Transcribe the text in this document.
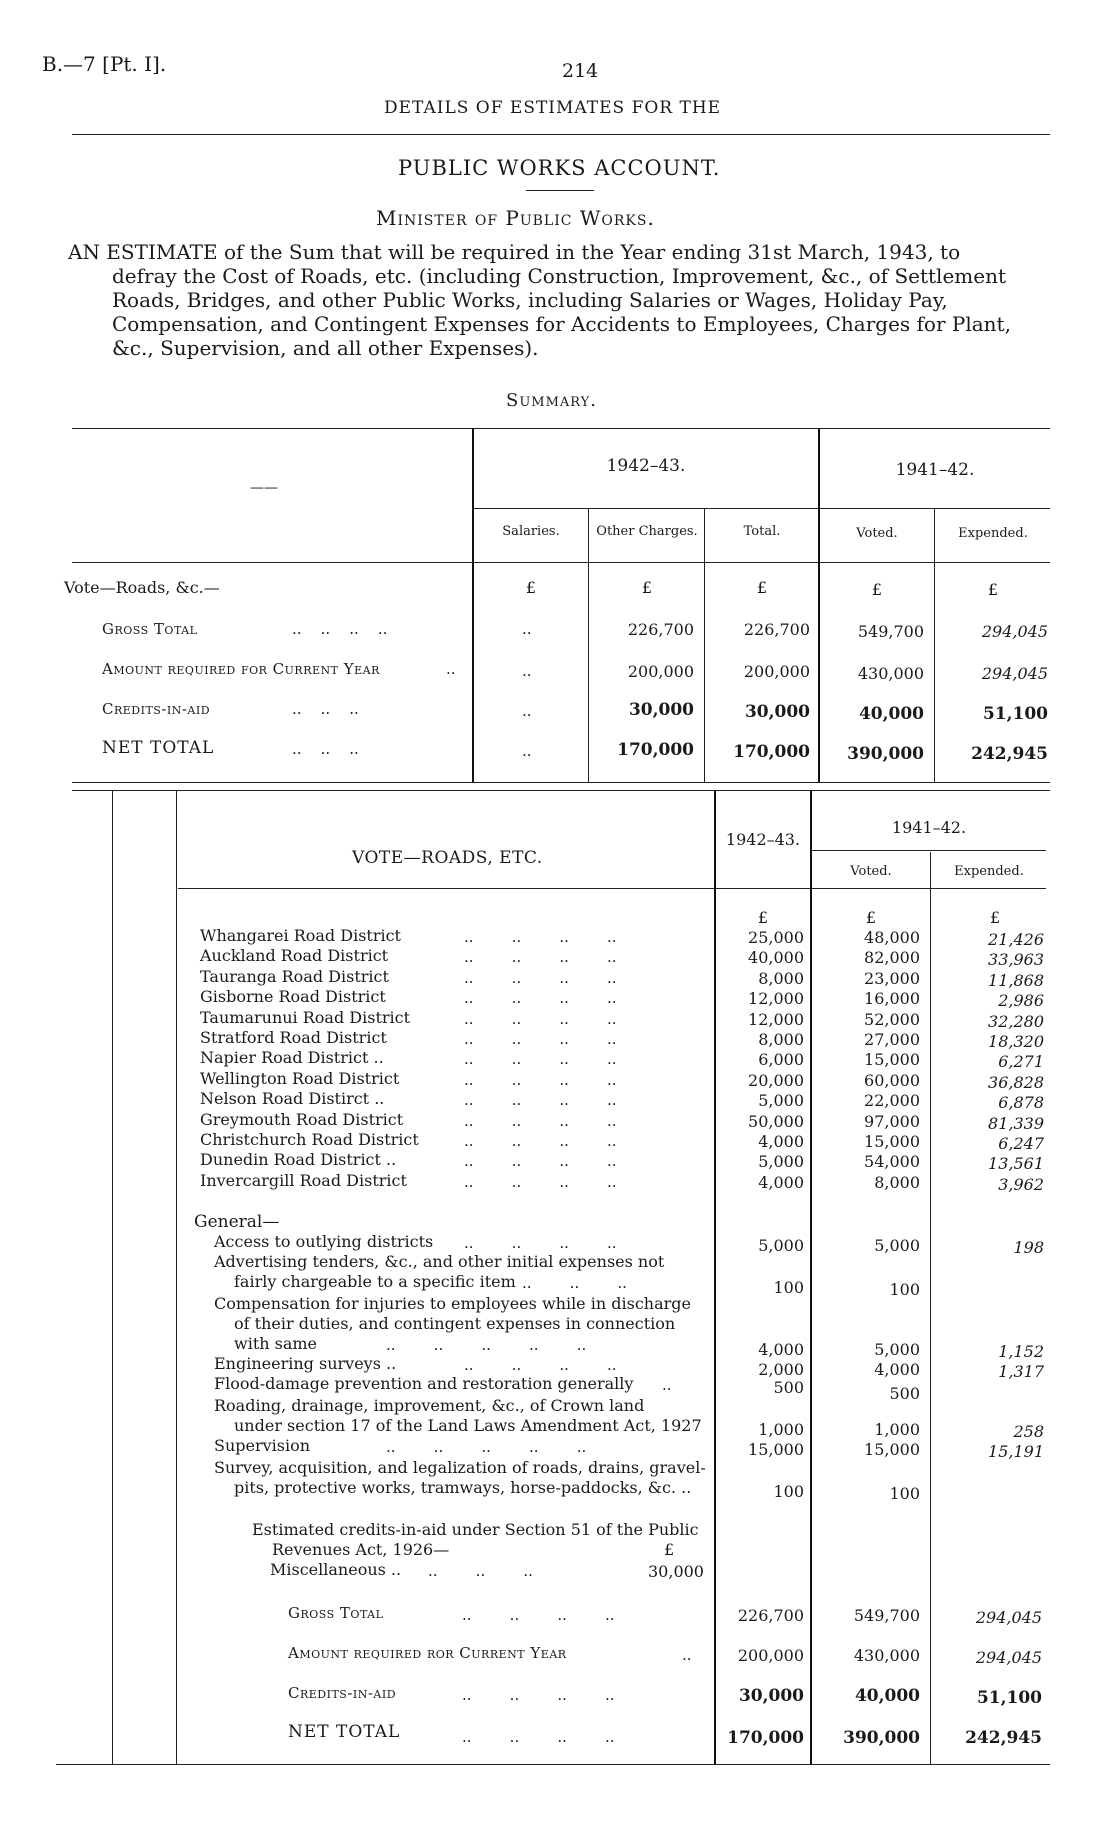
B.—7 [Pt. I].	214
DETAILS OF ESTIMATES FOR THE
PUBLIC WORKS ACCOUNT.
Minister of Public Works.
AN ESTIMATE of the Sum that will be required in the Year ending 31st March, 1943, to
defray the Cost of Roads, etc. (including Construction, Improvement, &c., of Settlement
Roads, Bridges, and other Public Works, including Salaries or Wages, Holiday Pay,
Compensation, and Contingent Expenses for Accidents to Employees, Charges for Plant,
&c., Supervision, and all other Expenses).
Summary.
——
1942–43.	1941–42.
Salaries.	Other Charges.	Total.	Voted.	Expended.
Vote—Roads, &c.—	£	£	£	£	£
Gross Total	..    ..    ..    ..	..	226,700	226,700	549,700	294,045
Amount required for Current Year	..	..	200,000	200,000	430,000	294,045
Credits-in-aid	..    ..    ..	..	30,000	30,000	40,000	51,100
NET TOTAL	..    ..    ..	..	170,000	170,000	390,000	242,945
VOTE—ROADS, ETC.
1942–43.
1941–42.
Voted.	Expended.
£	£	£
Whangarei Road District	..        ..        ..        ..	25,000	48,000	21,426
Auckland Road District	..        ..        ..        ..	40,000	82,000	33,963
Tauranga Road District	..        ..        ..        ..	8,000	23,000	11,868
Gisborne Road District	..        ..        ..        ..	12,000	16,000	2,986
Taumarunui Road District	..        ..        ..        ..	12,000	52,000	32,280
Stratford Road District	..        ..        ..        ..	8,000	27,000	18,320
Napier Road District ..	..        ..        ..        ..	6,000	15,000	6,271
Wellington Road District	..        ..        ..        ..	20,000	60,000	36,828
Nelson Road Distirct ..	..        ..        ..        ..	5,000	22,000	6,878
Greymouth Road District	..        ..        ..        ..	50,000	97,000	81,339
Christchurch Road District	..        ..        ..        ..	4,000	15,000	6,247
Dunedin Road District ..	..        ..        ..        ..	5,000	54,000	13,561
Invercargill Road District	..        ..        ..        ..	4,000	8,000	3,962
General—
Access to outlying districts ..        ..        ..        ..	5,000	5,000	198
Advertising tenders, &c., and other initial expenses not
fairly chargeable to a specific item ..        ..        ..	100	100
Compensation for injuries to employees while in discharge
of their duties, and contingent expenses in connection
with same	..        ..        ..        ..        ..	4,000	5,000	1,152
Engineering surveys ..	..        ..        ..        ..	2,000	4,000	1,317
Flood-damage prevention and restoration generally ..	500	500
Roading, drainage, improvement, &c., of Crown land
under section 17 of the Land Laws Amendment Act, 1927	1,000	1,000	258
Supervision	..        ..        ..        ..        ..	15,000	15,000	15,191
Survey, acquisition, and legalization of roads, drains, gravel-
pits, protective works, tramways, horse-paddocks, &c. ..	100	100
Estimated credits-in-aid under Section 51 of the Public
Revenues Act, 1926—	£
Miscellaneous .. ..        ..        ..	30,000
Gross Total	..        ..        ..        ..	226,700	549,700	294,045
Amount required ror Current Year	..	200,000	430,000	294,045
Credits-in-aid	..        ..        ..        ..	30,000	40,000	51,100
NET TOTAL	..        ..        ..        ..	170,000	390,000	242,945
